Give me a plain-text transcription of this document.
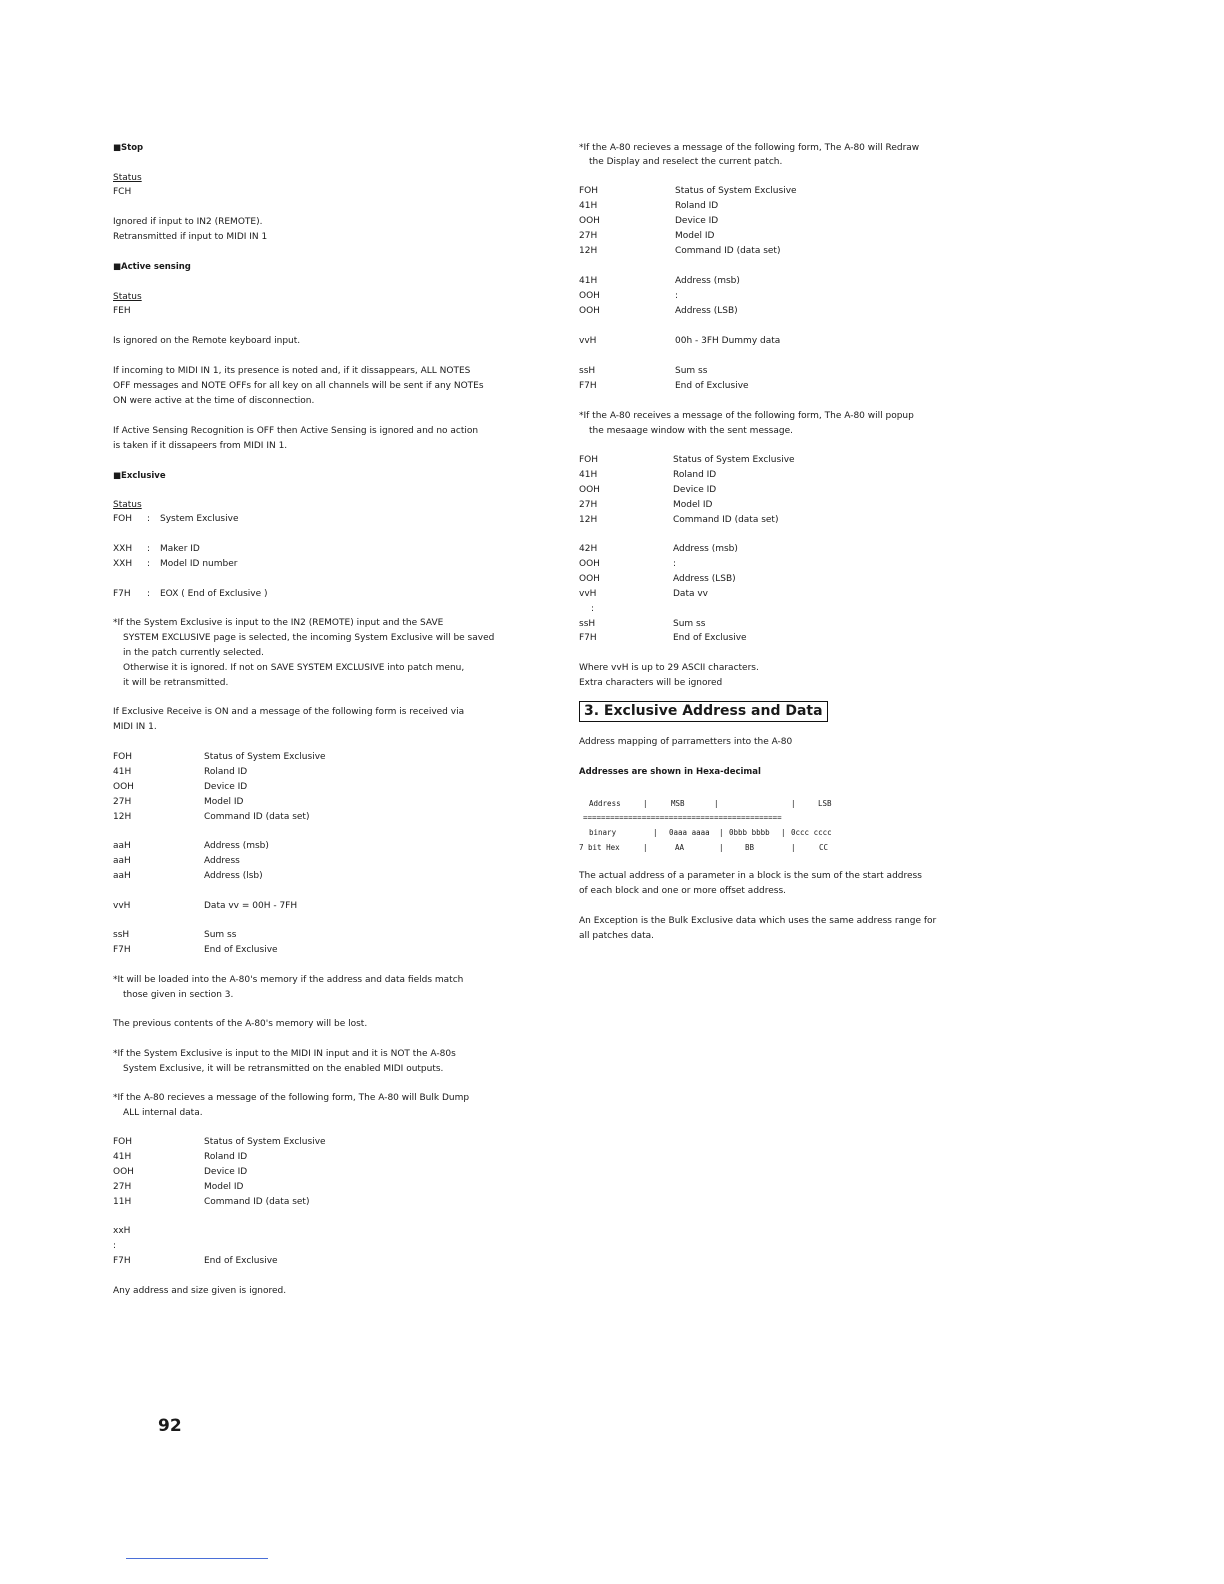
■Stop
Status
FCH
Ignored if input to IN2 (REMOTE).
Retransmitted if input to MIDI IN 1
■Active sensing
Status
FEH
Is ignored on the Remote keyboard input.
If incoming to MIDI IN 1, its presence is noted and, if it dissappears, ALL NOTES
OFF messages and NOTE OFFs for all key on all channels will be sent if any NOTEs
ON were active at the time of disconnection.
If Active Sensing Recognition is OFF then Active Sensing is ignored and no action
is taken if it dissapeers from MIDI IN 1.
■Exclusive
Status
FOH : System Exclusive
XXH : Maker ID
XXH : Model ID number
F7H : EOX ( End of Exclusive )
*If the System Exclusive is input to the IN2 (REMOTE) input and the SAVE
SYSTEM EXCLUSIVE page is selected, the incoming System Exclusive will be saved
in the patch currently selected.
Otherwise it is ignored. If not on SAVE SYSTEM EXCLUSIVE into patch menu,
it will be retransmitted.
If Exclusive Receive is ON and a message of the following form is received via
MIDI IN 1.
FOH	Status of System Exclusive
41H	Roland ID
OOH	Device ID
27H	Model ID
12H	Command ID (data set)
aaH	Address (msb)
aaH	Address
aaH	Address (lsb)
vvH	Data vv = 00H - 7FH
ssH	Sum ss
F7H	End of Exclusive
*It will be loaded into the A-80's memory if the address and data fields match
those given in section 3.
The previous contents of the A-80's memory will be lost.
*If the System Exclusive is input to the MIDI IN input and it is NOT the A-80s
System Exclusive, it will be retransmitted on the enabled MIDI outputs.
*If the A-80 recieves a message of the following form, The A-80 will Bulk Dump
ALL internal data.
FOH	Status of System Exclusive
41H	Roland ID
OOH	Device ID
27H	Model ID
11H	Command ID (data set)
xxH
:
F7H	End of Exclusive
Any address and size given is ignored.
*If the A-80 recieves a message of the following form, The A-80 will Redraw
the Display and reselect the current patch.
FOH	Status of System Exclusive
41H	Roland ID
OOH	Device ID
27H	Model ID
12H	Command ID (data set)
41H	Address (msb)
OOH	:
OOH	Address (LSB)
vvH	00h - 3FH Dummy data
ssH	Sum ss
F7H	End of Exclusive
*If the A-80 receives a message of the following form, The A-80 will popup
the mesaage window with the sent message.
FOH	Status of System Exclusive
41H	Roland ID
OOH	Device ID
27H	Model ID
12H	Command ID (data set)
42H	Address (msb)
OOH	:
OOH	Address (LSB)
vvH	Data vv
:
ssH	Sum ss
F7H	End of Exclusive
Where vvH is up to 29 ASCII characters.
Extra characters will be ignored
3. Exclusive Address and Data
Address mapping of parrametters into the A-80
Addresses are shown in Hexa-decimal
Address	|	MSB	|	|	LSB
============================================
binary	| 0aaa aaaa | 0bbb bbbb | 0ccc cccc
7 bit Hex	|	AA	|	BB	|	CC
The actual address of a parameter in a block is the sum of the start address
of each block and one or more offset address.
An Exception is the Bulk Exclusive data which uses the same address range for
all patches data.
92
